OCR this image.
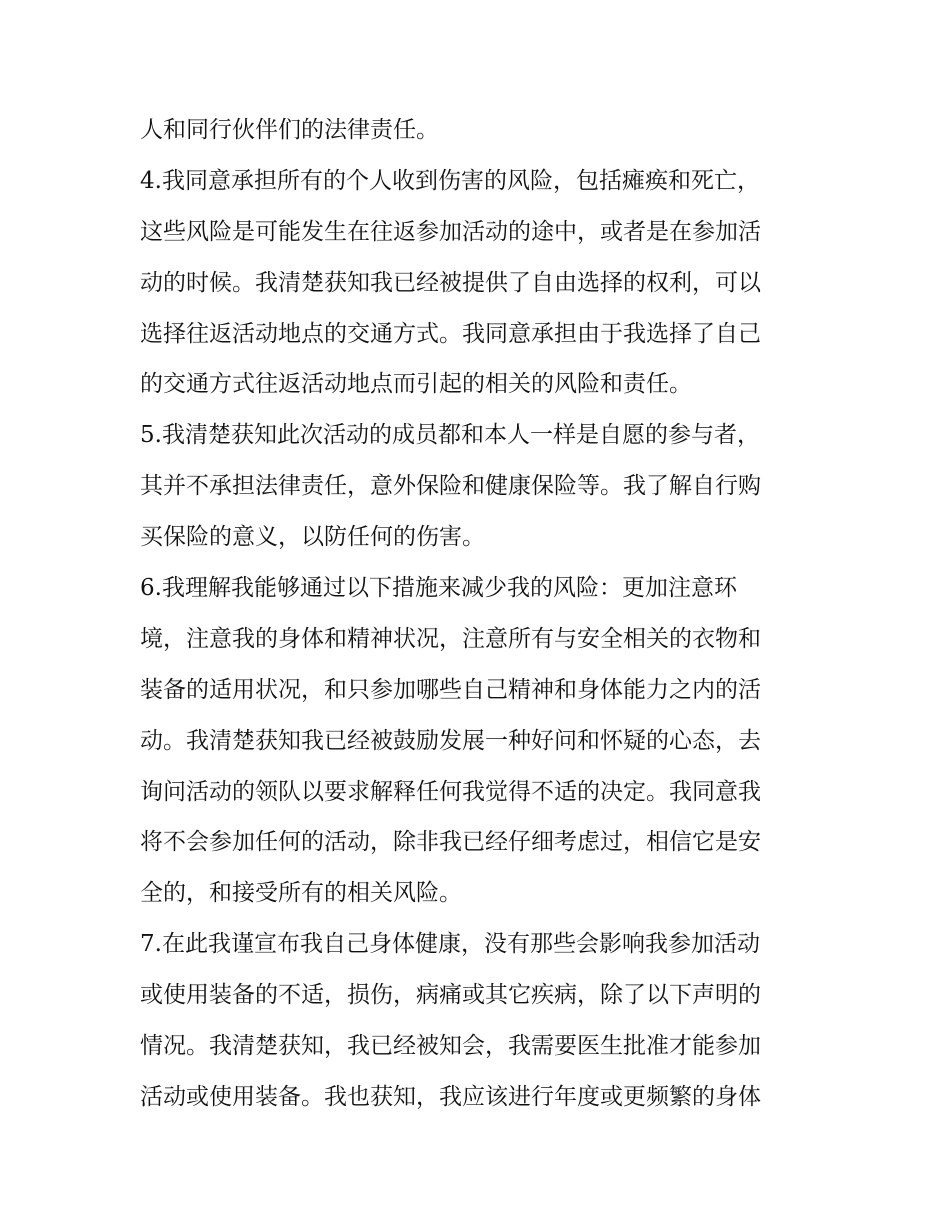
人和同行伙伴们的法律责任。
4.我同意承担所有的个人收到伤害的风险，包括瘫痪和死亡，
这些风险是可能发生在往返参加活动的途中，或者是在参加活
动的时候。我清楚获知我已经被提供了自由选择的权利，可以
选择往返活动地点的交通方式。我同意承担由于我选择了自己
的交通方式往返活动地点而引起的相关的风险和责任。
5.我清楚获知此次活动的成员都和本人一样是自愿的参与者，
其并不承担法律责任，意外保险和健康保险等。我了解自行购
买保险的意义，以防任何的伤害。
6.我理解我能够通过以下措施来减少我的风险：更加注意环
境，注意我的身体和精神状况，注意所有与安全相关的衣物和
装备的适用状况，和只参加哪些自己精神和身体能力之内的活
动。我清楚获知我已经被鼓励发展一种好问和怀疑的心态，去
询问活动的领队以要求解释任何我觉得不适的决定。我同意我
将不会参加任何的活动，除非我已经仔细考虑过，相信它是安
全的，和接受所有的相关风险。
7.在此我谨宣布我自己身体健康，没有那些会影响我参加活动
或使用装备的不适，损伤，病痛或其它疾病，除了以下声明的
情况。我清楚获知，我已经被知会，我需要医生批准才能参加
活动或使用装备。我也获知，我应该进行年度或更频繁的身体
